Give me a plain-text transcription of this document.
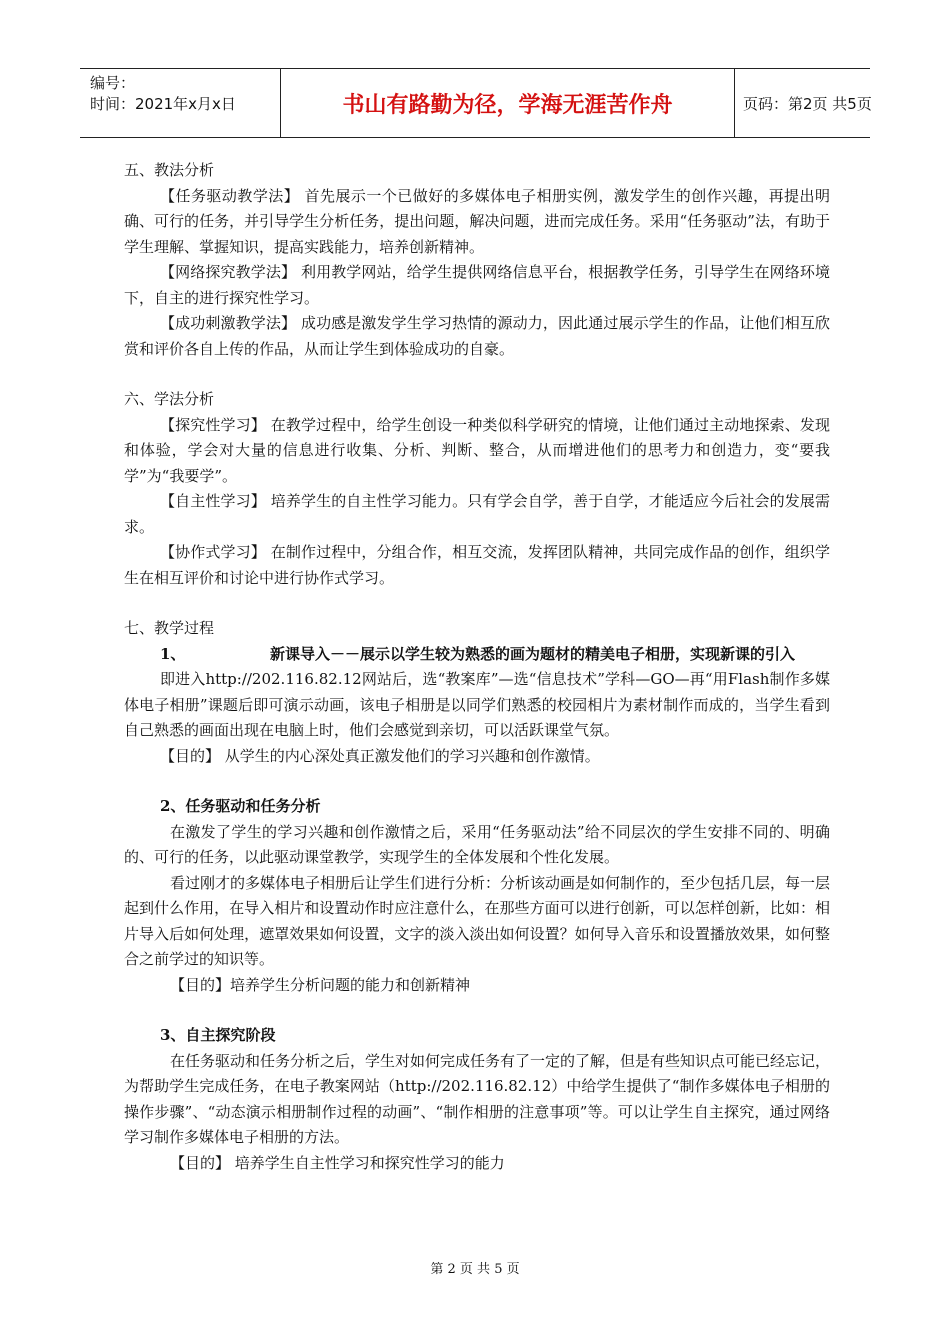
编号：
时间：2021年x月x日	书山有路勤为径，学海无涯苦作舟	页码：第2页 共5页

五、教法分析

【任务驱动教学法】 首先展示一个已做好的多媒体电子相册实例，激发学生的创作兴趣，再提出明确、可行的任务，并引导学生分析任务，提出问题，解决问题，进而完成任务。采用“任务驱动”法，有助于学生理解、掌握知识，提高实践能力，培养创新精神。

【网络探究教学法】 利用教学网站，给学生提供网络信息平台，根据教学任务，引导学生在网络环境下，自主的进行探究性学习。

【成功刺激教学法】 成功感是激发学生学习热情的源动力，因此通过展示学生的作品，让他们相互欣赏和评价各自上传的作品，从而让学生到体验成功的自豪。

六、学法分析

【探究性学习】 在教学过程中，给学生创设一种类似科学研究的情境，让他们通过主动地探索、发现和体验，学会对大量的信息进行收集、分析、判断、整合，从而增进他们的思考力和创造力，变“要我学”为“我要学”。

【自主性学习】 培养学生的自主性学习能力。只有学会自学，善于自学，才能适应今后社会的发展需求。

【协作式学习】 在制作过程中，分组合作，相互交流，发挥团队精神，共同完成作品的创作，组织学生在相互评价和讨论中进行协作式学习。

七、教学过程

1、	新课导入－－展示以学生较为熟悉的画为题材的精美电子相册，实现新课的引入

即进入http://202.116.82.12网站后，选“教案库”—选“信息技术”学科—GO—再“用Flash制作多媒体电子相册”课题后即可演示动画，该电子相册是以同学们熟悉的校园相片为素材制作而成的，当学生看到自己熟悉的画面出现在电脑上时，他们会感觉到亲切，可以活跃课堂气氛。

【目的】 从学生的内心深处真正激发他们的学习兴趣和创作激情。

2、任务驱动和任务分析

在激发了学生的学习兴趣和创作激情之后，采用“任务驱动法”给不同层次的学生安排不同的、明确的、可行的任务，以此驱动课堂教学，实现学生的全体发展和个性化发展。

看过刚才的多媒体电子相册后让学生们进行分析：分析该动画是如何制作的，至少包括几层，每一层起到什么作用，在导入相片和设置动作时应注意什么，在那些方面可以进行创新，可以怎样创新，比如：相片导入后如何处理，遮罩效果如何设置，文字的淡入淡出如何设置？如何导入音乐和设置播放效果，如何整合之前学过的知识等。

【目的】培养学生分析问题的能力和创新精神

3、自主探究阶段

在任务驱动和任务分析之后，学生对如何完成任务有了一定的了解，但是有些知识点可能已经忘记，为帮助学生完成任务，在电子教案网站（http://202.116.82.12）中给学生提供了“制作多媒体电子相册的操作步骤”、“动态演示相册制作过程的动画”、“制作相册的注意事项”等。可以让学生自主探究，通过网络学习制作多媒体电子相册的方法。

【目的】 培养学生自主性学习和探究性学习的能力

第 2 页 共 5 页
